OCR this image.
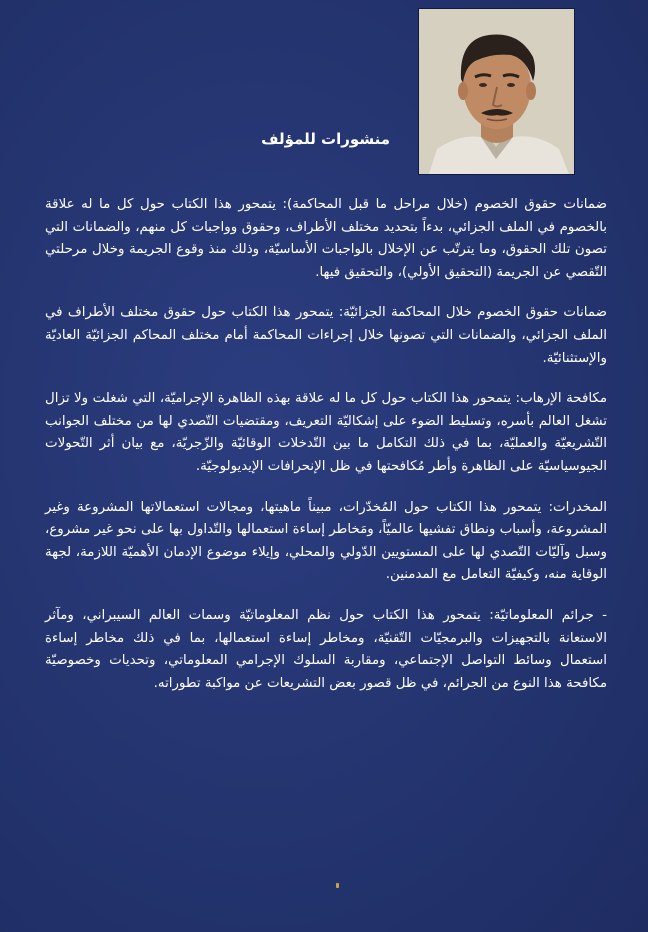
منشورات للمؤلف

ضمانات حقوق الخصوم (خلال مراحل ما قبل المحاكمة): يتمحور هذا الكتاب حول كل ما له علاقة بالخصوم في الملف الجزائي، بدءاً بتحديد مختلف الأطراف، وحقوق وواجبات كل منهم، والضمانات التي تصون تلك الحقوق، وما يترتّب عن الإخلال بالواجبات الأساسيّة، وذلك منذ وقوع الجريمة وخلال مرحلتي التّقصي عن الجريمة (التحقيق الأولي)، والتحقيق فيها.

ضمانات حقوق الخصوم خلال المحاكمة الجزائيّة: يتمحور هذا الكتاب حول حقوق مختلف الأطراف في الملف الجزائي، والضمانات التي تصونها خلال إجراءات المحاكمة أمام مختلف المحاكم الجزائيّة العاديّة والإستثنائيّة.

مكافحة الإرهاب: يتمحور هذا الكتاب حول كل ما له علاقة بهذه الظاهرة الإجراميّة، التي شغلت ولا تزال تشغل العالم بأسره، وتسليط الضوء على إشكاليّة التعريف، ومقتضيات التّصدي لها من مختلف الجوانب التّشريعيّة والعمليّة، بما في ذلك التكامل ما بين التّدخلات الوقائيّة والزّجريّة، مع بيان أثر التّحولات الجيوسياسيّة على الظاهرة وأطر مُكافحتها في ظل الإنحرافات الإيديولوجيّة.

المخدرات: يتمحور هذا الكتاب حول المُخدّرات، مبيناً ماهيتها، ومجالات استعمالاتها المشروعة وغير المشروعة، وأسباب ونطاق تفشيها عالميّاً، ومَخاطر إساءة استعمالها والتّداول بها على نحو غير مشروع، وسبل وآليّات التّصدي لها على المستويين الدّولي والمحلي، وإيلاء موضوع الإدمان الأهميّة اللازمة، لجهة الوقاية منه، وكيفيّة التعامل مع المدمنين.

- جرائم المعلوماتيّة: يتمحور هذا الكتاب حول نظم المعلوماتيّة وسمات العالم السيبراني، ومآثر الاستعانة بالتجهيزات والبرمجيّات التّقنيّة، ومخاطر إساءة استعمالها، بما في ذلك مخاطر إساءة استعمال وسائط التواصل الإجتماعي، ومقاربة السلوك الإجرامي المعلوماتي، وتحديات وخصوصيّة مكافحة هذا النوع من الجرائم، في ظل قصور بعض التشريعات عن مواكبة تطوراته.
